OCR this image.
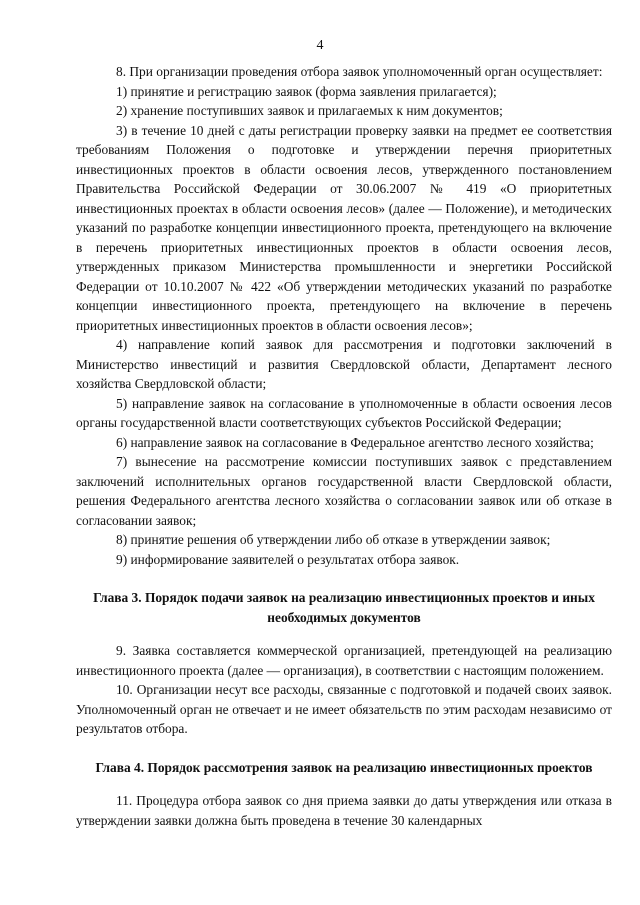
4

8. При организации проведения отбора заявок уполномоченный орган осуществляет:

1) принятие и регистрацию заявок (форма заявления прилагается);

2) хранение поступивших заявок и прилагаемых к ним документов;

3) в течение 10 дней с даты регистрации проверку заявки на предмет ее соответствия требованиям Положения о подготовке и утверждении перечня приоритетных инвестиционных проектов в области освоения лесов, утвержденного постановлением Правительства Российской Федерации от 30.06.2007 № 419 «О приоритетных инвестиционных проектах в области освоения лесов» (далее — Положение), и методических указаний по разработке концепции инвестиционного проекта, претендующего на включение в перечень приоритетных инвестиционных проектов в области освоения лесов, утвержденных приказом Министерства промышленности и энергетики Российской Федерации от 10.10.2007 № 422 «Об утверждении методических указаний по разработке концепции инвестиционного проекта, претендующего на включение в перечень приоритетных инвестиционных проектов в области освоения лесов»;

4) направление копий заявок для рассмотрения и подготовки заключений в Министерство инвестиций и развития Свердловской области, Департамент лесного хозяйства Свердловской области;

5) направление заявок на согласование в уполномоченные в области освоения лесов органы государственной власти соответствующих субъектов Российской Федерации;

6) направление заявок на согласование в Федеральное агентство лесного хозяйства;

7) вынесение на рассмотрение комиссии поступивших заявок с представлением заключений исполнительных органов государственной власти Свердловской области, решения Федерального агентства лесного хозяйства о согласовании заявок или об отказе в согласовании заявок;

8) принятие решения об утверждении либо об отказе в утверждении заявок;

9) информирование заявителей о результатах отбора заявок.

Глава 3. Порядок подачи заявок на реализацию инвестиционных проектов и иных необходимых документов

9. Заявка составляется коммерческой организацией, претендующей на реализацию инвестиционного проекта (далее — организация), в соответствии с настоящим положением.

10. Организации несут все расходы, связанные с подготовкой и подачей своих заявок. Уполномоченный орган не отвечает и не имеет обязательств по этим расходам независимо от результатов отбора.

Глава 4. Порядок рассмотрения заявок на реализацию инвестиционных проектов

11. Процедура отбора заявок со дня приема заявки до даты утверждения или отказа в утверждении заявки должна быть проведена в течение 30 календарных
